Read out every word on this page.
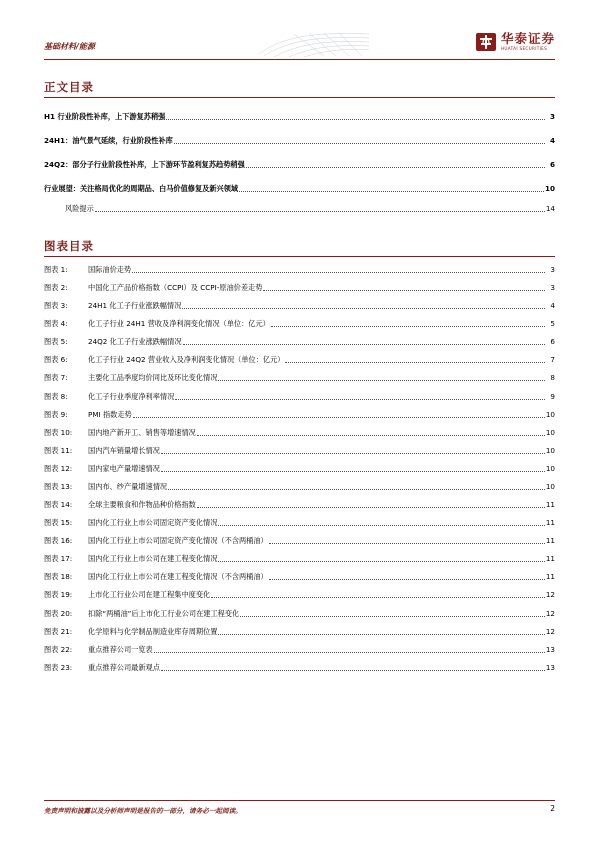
基础材料/能源
华泰证券
HUATAI SECURITIES
正文目录
H1 行业阶段性补库，上下游复苏稍强	3
24H1：油气景气延续，行业阶段性补库	4
24Q2：部分子行业阶段性补库，上下游环节盈利复苏趋势稍强	6
行业展望：关注格局优化的周期品、白马价值修复及新兴领域	10
风险提示	14
图表目录
图表 1:	国际油价走势	3
图表 2:	中国化工产品价格指数（CCPI）及 CCPI-原油价差走势	3
图表 3:	24H1 化工子行业涨跌幅情况	4
图表 4:	化工子行业 24H1 营收及净利润变化情况（单位：亿元）	5
图表 5:	24Q2 化工子行业涨跌幅情况	6
图表 6:	化工子行业 24Q2 营业收入及净利润变化情况（单位：亿元）	7
图表 7:	主要化工品季度均价同比及环比变化情况	8
图表 8:	化工子行业季度净利率情况	9
图表 9:	PMI 指数走势	10
图表 10:	国内地产新开工、销售等增速情况	10
图表 11:	国内汽车销量增长情况	10
图表 12:	国内家电产量增速情况	10
图表 13:	国内布、纱产量增速情况	10
图表 14:	全球主要粮食和作物品种价格指数	11
图表 15:	国内化工行业上市公司固定资产变化情况	11
图表 16:	国内化工行业上市公司固定资产变化情况（不含两桶油）	11
图表 17:	国内化工行业上市公司在建工程变化情况	11
图表 18:	国内化工行业上市公司在建工程变化情况（不含两桶油）	11
图表 19:	上市化工行业公司在建工程集中度变化	12
图表 20:	扣除“两桶油”后上市化工行业公司在建工程变化	12
图表 21:	化学原料与化学制品制造业库存周期位置	12
图表 22:	重点推荐公司一览表	13
图表 23:	重点推荐公司最新观点	13
免责声明和披露以及分析师声明是报告的一部分，请务必一起阅读。	2
